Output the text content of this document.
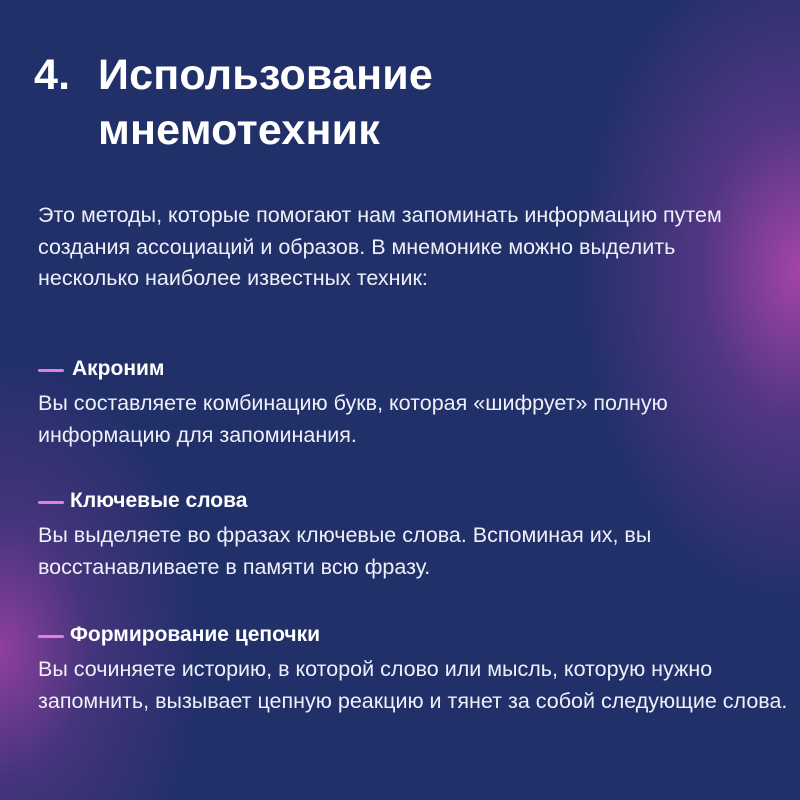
4. Использование мнемотехник

Это методы, которые помогают нам запоминать информацию путем создания ассоциаций и образов. В мнемонике можно выделить несколько наиболее известных техник:

Акроним

Вы составляете комбинацию букв, которая «шифрует» полную информацию для запоминания.

Ключевые слова

Вы выделяете во фразах ключевые слова. Вспоминая их, вы восстанавливаете в памяти всю фразу.

Формирование цепочки

Вы сочиняете историю, в которой слово или мысль, которую нужно запомнить, вызывает цепную реакцию и тянет за собой следующие слова.
